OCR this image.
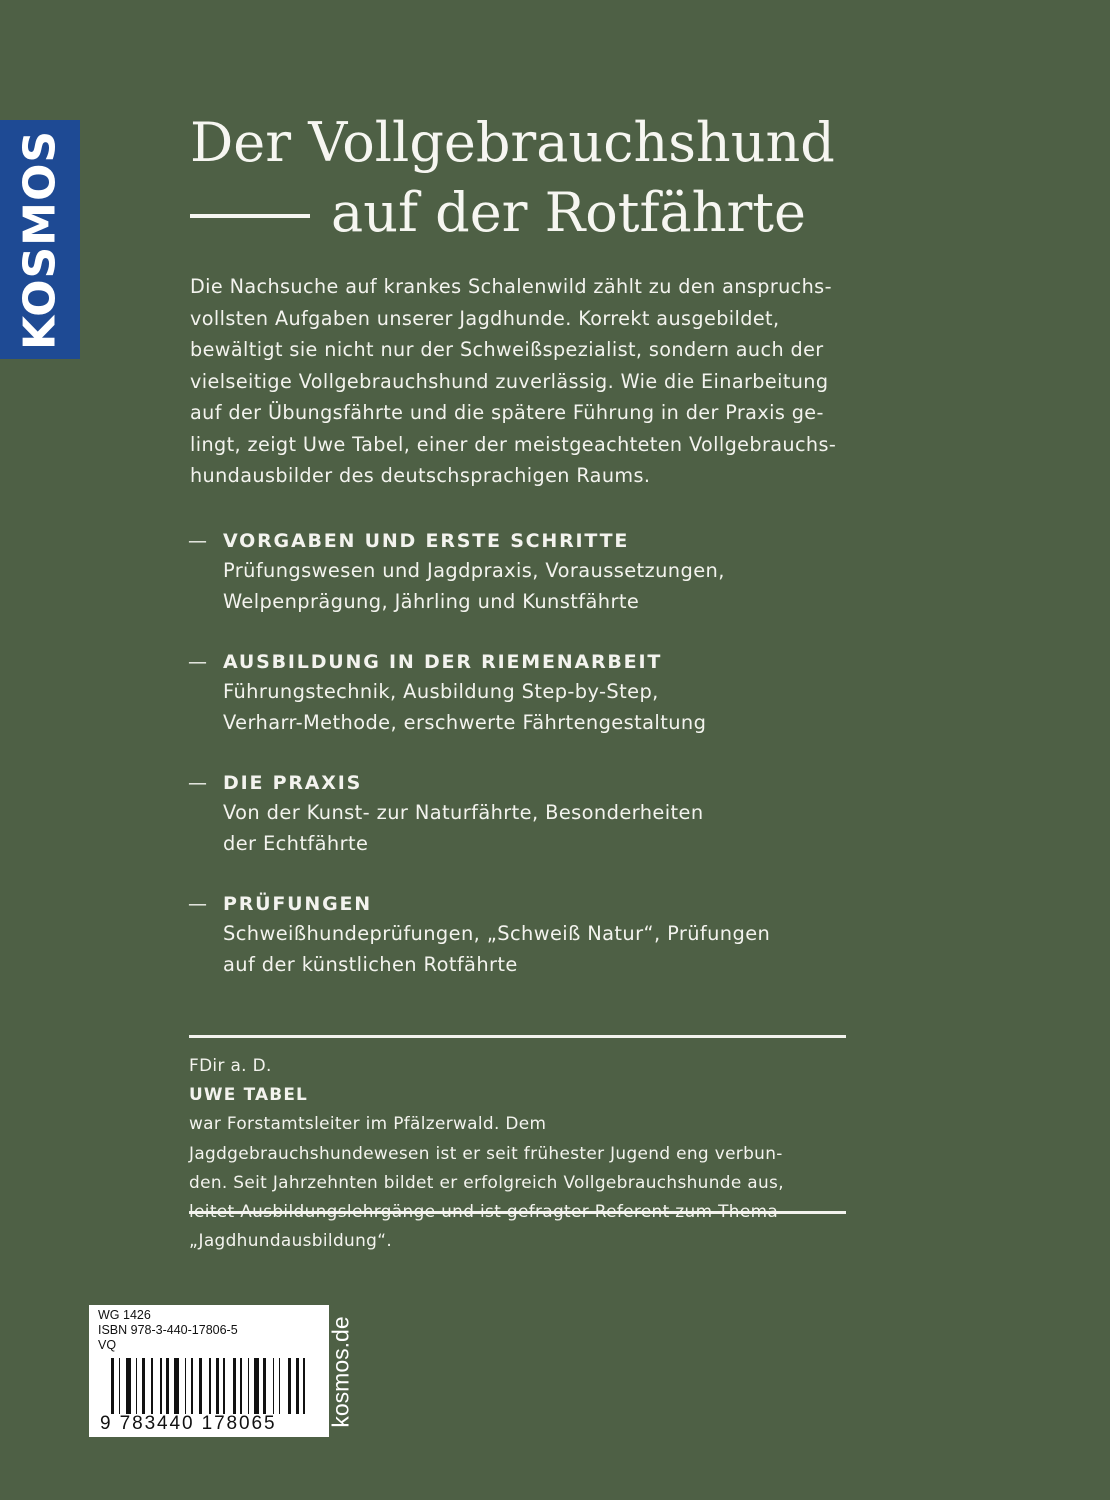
KOSMOS Der Vollgebrauchshund
auf der Rotfährte

Die Nachsuche auf krankes Schalenwild zählt zu den anspruchs-
vollsten Aufgaben unserer Jagdhunde. Korrekt ausgebildet,
bewältigt sie nicht nur der Schweißspezialist, sondern auch der
vielseitige Vollgebrauchshund zuverlässig. Wie die Einarbeitung
auf der Übungsfährte und die spätere Führung in der Praxis ge-
lingt, zeigt Uwe Tabel, einer der meistgeachteten Vollgebrauchs-
hundausbilder des deutschsprachigen Raums.

— VORGABEN UND ERSTE SCHRITTE
Prüfungswesen und Jagdpraxis, Voraussetzungen,
Welpenprägung, Jährling und Kunstfährte
— AUSBILDUNG IN DER RIEMENARBEIT
Führungstechnik, Ausbildung Step-by-Step,
Verharr-Methode, erschwerte Fährtengestaltung
— DIE PRAXIS
Von der Kunst- zur Naturfährte, Besonderheiten
der Echtfährte
— PRÜFUNGEN
Schweißhundeprüfungen, „Schweiß Natur“, Prüfungen
auf der künstlichen Rotfährte

FDir a. D.
UWE TABEL
war Forstamtsleiter im Pfälzerwald. Dem
Jagdgebrauchshundewesen ist er seit frühester Jugend eng verbun-
den. Seit Jahrzehnten bildet er erfolgreich Vollgebrauchshunde aus,
„Jagdhundausbildung“.

WG 1426
ISBN 978-3-440-17806-5
VQ
9 783440 178065	kosmos.de
